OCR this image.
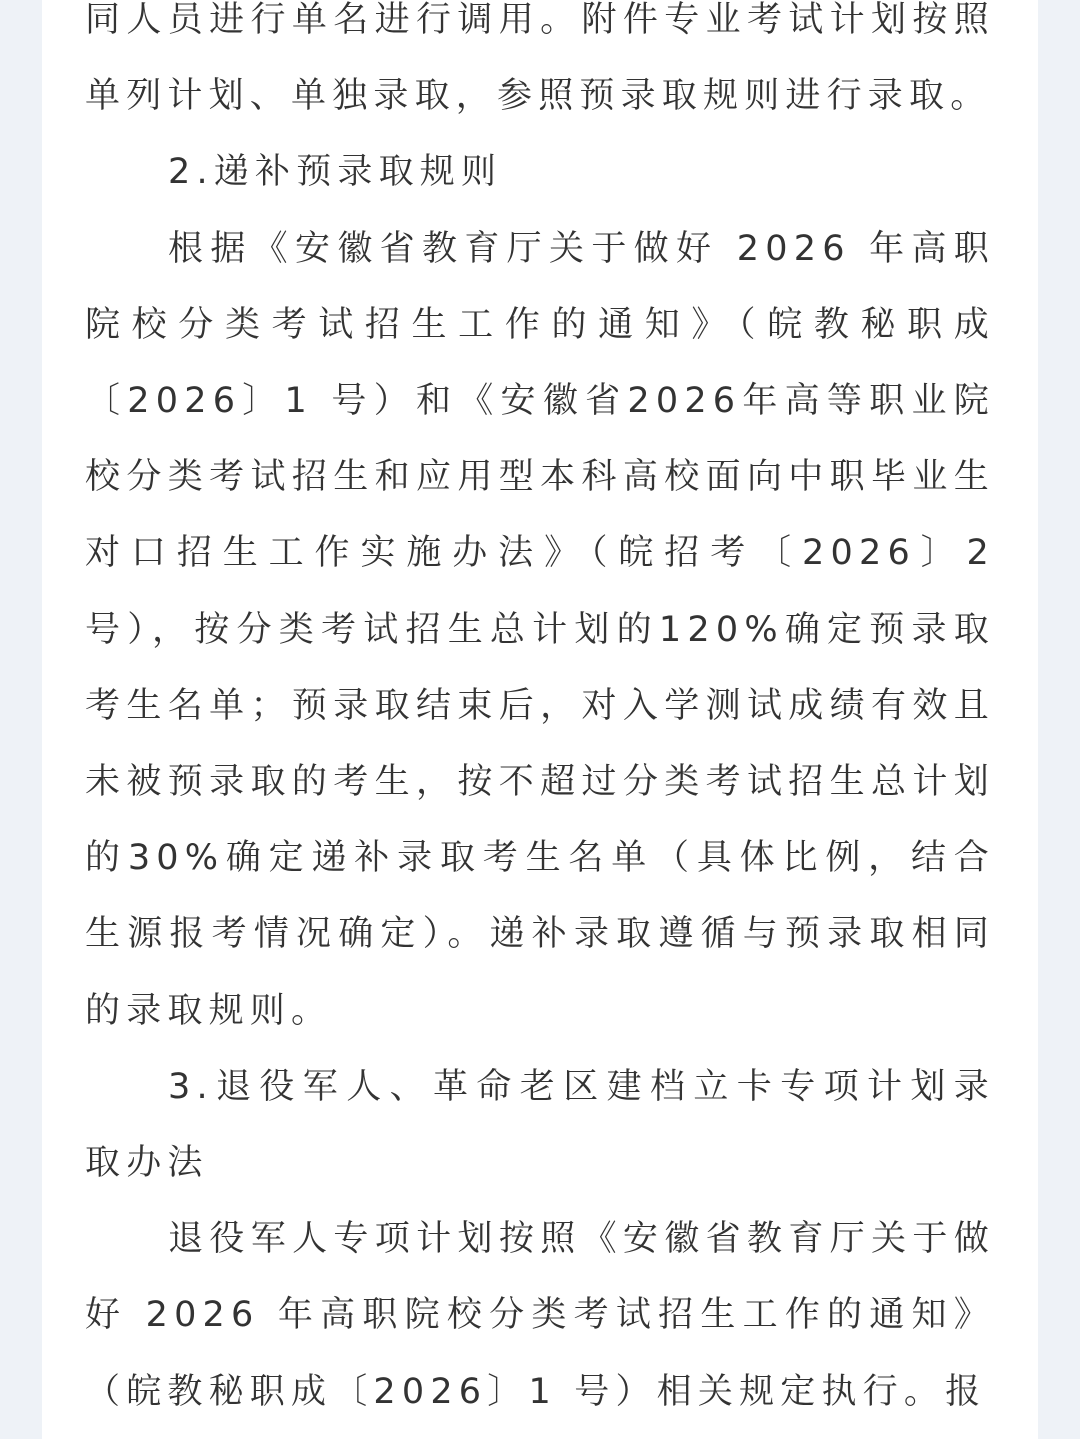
同人员进行单名进行调用。附件专业考试计划按照单列计划、单独录取，参照预录取规则进行录取。

2.递补预录取规则

根据《安徽省教育厅关于做好 2026 年高职院校分类考试招生工作的通知》（皖教秘职成〔2026〕1 号）和《安徽省2026年高等职业院校分类考试招生和应用型本科高校面向中职毕业生对口招生工作实施办法》（皖招考〔2026〕2 号），按分类考试招生总计划的120%确定预录取考生名单；预录取结束后，对入学测试成绩有效且未被预录取的考生，按不超过分类考试招生总计划的30%确定递补录取考生名单（具体比例，结合生源报考情况确定）。递补录取遵循与预录取相同的录取规则。

3.退役军人、革命老区建档立卡专项计划录取办法

退役军人专项计划按照《安徽省教育厅关于做好 2026 年高职院校分类考试招生工作的通知》（皖教秘职成〔2026〕1 号）相关规定执行。报
